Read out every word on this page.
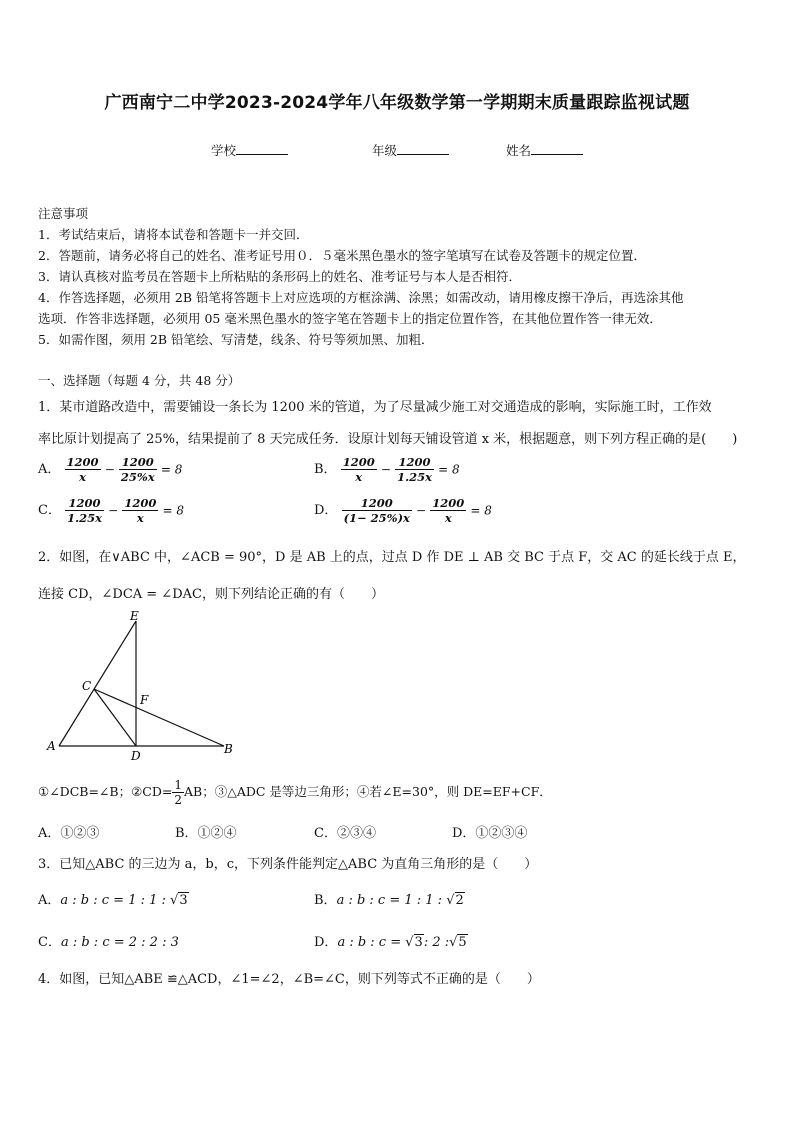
广西南宁二中学2023-2024学年八年级数学第一学期期末质量跟踪监视试题
学校	年级	姓名
注意事项
1．考试结束后，请将本试卷和答题卡一并交回．
2．答题前，请务必将自己的姓名、准考证号用０．５毫米黑色墨水的签字笔填写在试卷及答题卡的规定位置．
3．请认真核对监考员在答题卡上所粘贴的条形码上的姓名、准考证号与本人是否相符．
4．作答选择题，必须用 2B 铅笔将答题卡上对应选项的方框涂满、涂黑；如需改动，请用橡皮擦干净后，再选涂其他
选项．作答非选择题，必须用 05 毫米黑色墨水的签字笔在答题卡上的指定位置作答，在其他位置作答一律无效．
5．如需作图，须用 2B 铅笔绘、写清楚，线条、符号等须加黑、加粗．
一、选择题（每题 4 分，共 48 分）
1．某市道路改造中，需要铺设一条长为 1200 米的管道，为了尽量减少施工对交通造成的影响，实际施工时，工作效
率比原计划提高了 25%，结果提前了 8 天完成任务．设原计划每天铺设管道 x 米，根据题意，则下列方程正确的是(　　)
A． $\frac{1200}{x} - \frac{1200}{25\%x} = 8$	B． $\frac{1200}{x} - \frac{1200}{1.25x} = 8$
C． $\frac{1200}{1.25x} - \frac{1200}{x} = 8$	D． $\frac{1200}{(1- 25\%)x} - \frac{1200}{x} = 8$
2．如图，在∨ABC 中，∠ACB = 90°，D 是 AB 上的点，过点 D 作 DE ⊥ AB 交 BC 于点 F，交 AC 的延长线于点 E，
连接 CD，∠DCA = ∠DAC，则下列结论正确的有（　　）
E
C
F
A
D	B
①∠DCB=∠B；②CD= $\frac{1}{2}$ AB；③△ADC 是等边三角形；④若∠E=30°，则 DE=EF+CF．
A．①②③	B．①②④	C．②③④	D．①②③④
3．已知△ABC 的三边为 a，b，c，下列条件能判定△ABC 为直角三角形的是（　　）
A．a : b : c = 1 : 1 : √3	B．a : b : c = 1 : 1 : √2
C．a : b : c = 2 : 2 : 3	D．a : b : c = √3: 2 :√5
4．如图，已知△ABE ≌△ACD，∠1=∠2，∠B=∠C，则下列等式不正确的是（　　）
